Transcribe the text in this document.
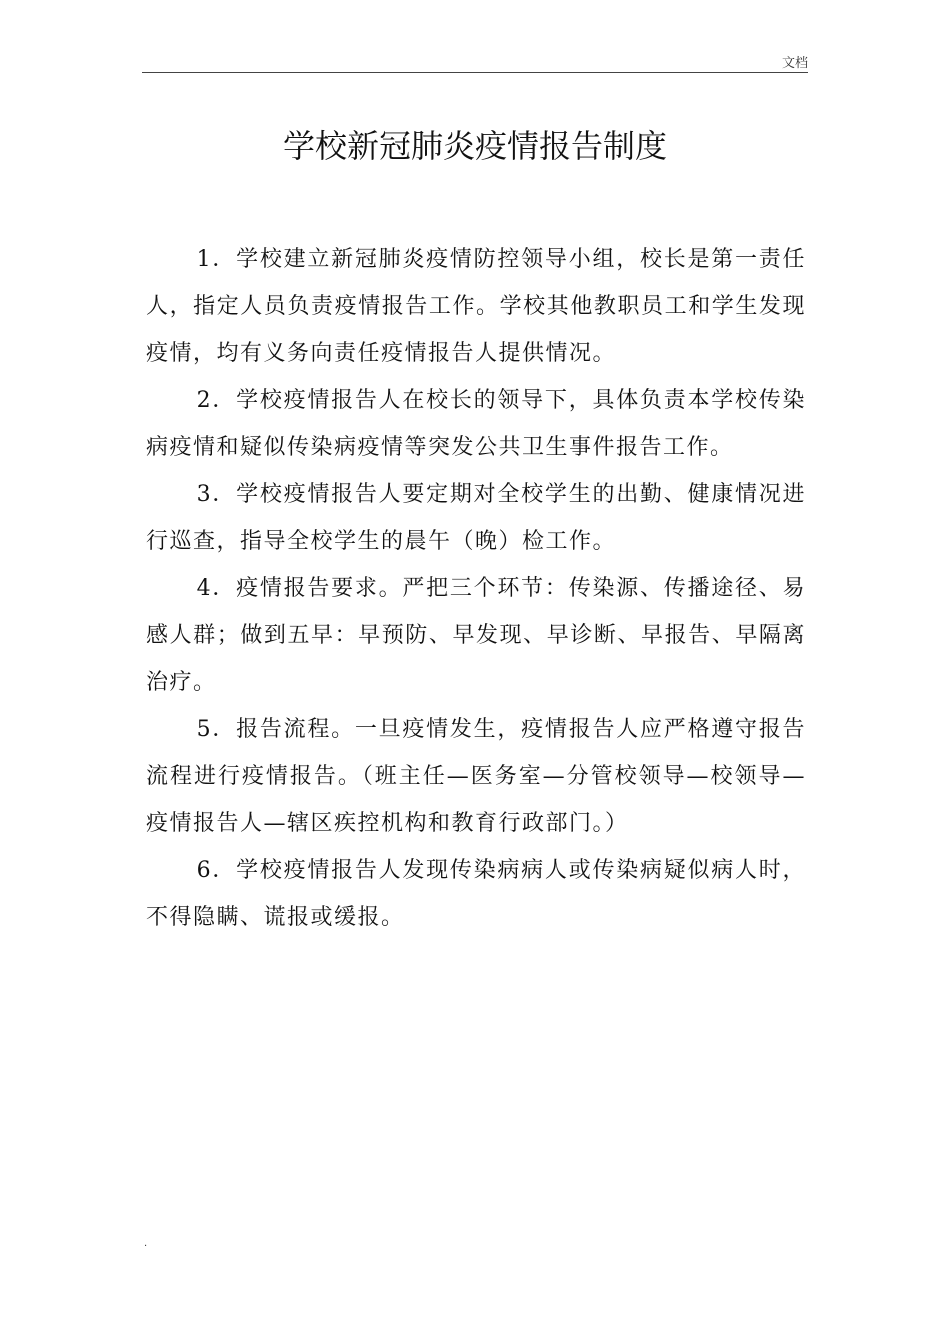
文档
学校新冠肺炎疫情报告制度

1．学校建立新冠肺炎疫情防控领导小组，校长是第一责任人，指定人员负责疫情报告工作。学校其他教职员工和学生发现疫情，均有义务向责任疫情报告人提供情况。

2．学校疫情报告人在校长的领导下，具体负责本学校传染病疫情和疑似传染病疫情等突发公共卫生事件报告工作。

3．学校疫情报告人要定期对全校学生的出勤、健康情况进行巡查，指导全校学生的晨午（晚）检工作。

4．疫情报告要求。严把三个环节：传染源、传播途径、易感人群；做到五早：早预防、早发现、早诊断、早报告、早隔离治疗。

5．报告流程。一旦疫情发生，疫情报告人应严格遵守报告流程进行疫情报告。（班主任—医务室—分管校领导—校领导—疫情报告人—辖区疾控机构和教育行政部门。）

6．学校疫情报告人发现传染病病人或传染病疑似病人时，不得隐瞒、谎报或缓报。

.
